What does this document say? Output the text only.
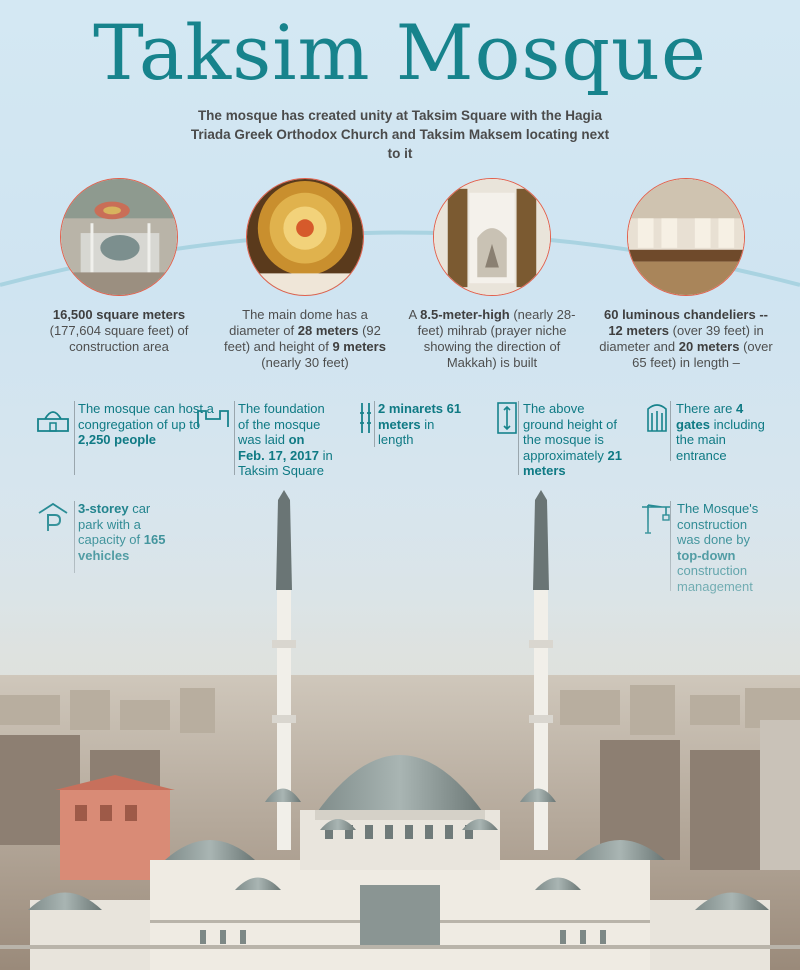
Taksim Mosque
The mosque has created unity at Taksim Square with the Hagia Triada Greek Orthodox Church and Taksim Maksem locating next to it
16,500 square meters (177,604 square feet) of construction area
The main dome has a diameter of 28 meters (92 feet) and height of 9 meters (nearly 30 feet)
A 8.5-meter-high (nearly 28-feet) mihrab (prayer niche showing the direction of Makkah) is built
60 luminous chandeliers -- 12 meters (over 39 feet) in diameter and 20 meters (over 65 feet) in length –
The mosque can host a congregation of up to 2,250 people
The foundation of the mosque was laid on Feb. 17, 2017 in Taksim Square
2 minarets 61 meters in length
The above ground height of the mosque is approximately 21 meters
There are 4 gates including the main entrance
